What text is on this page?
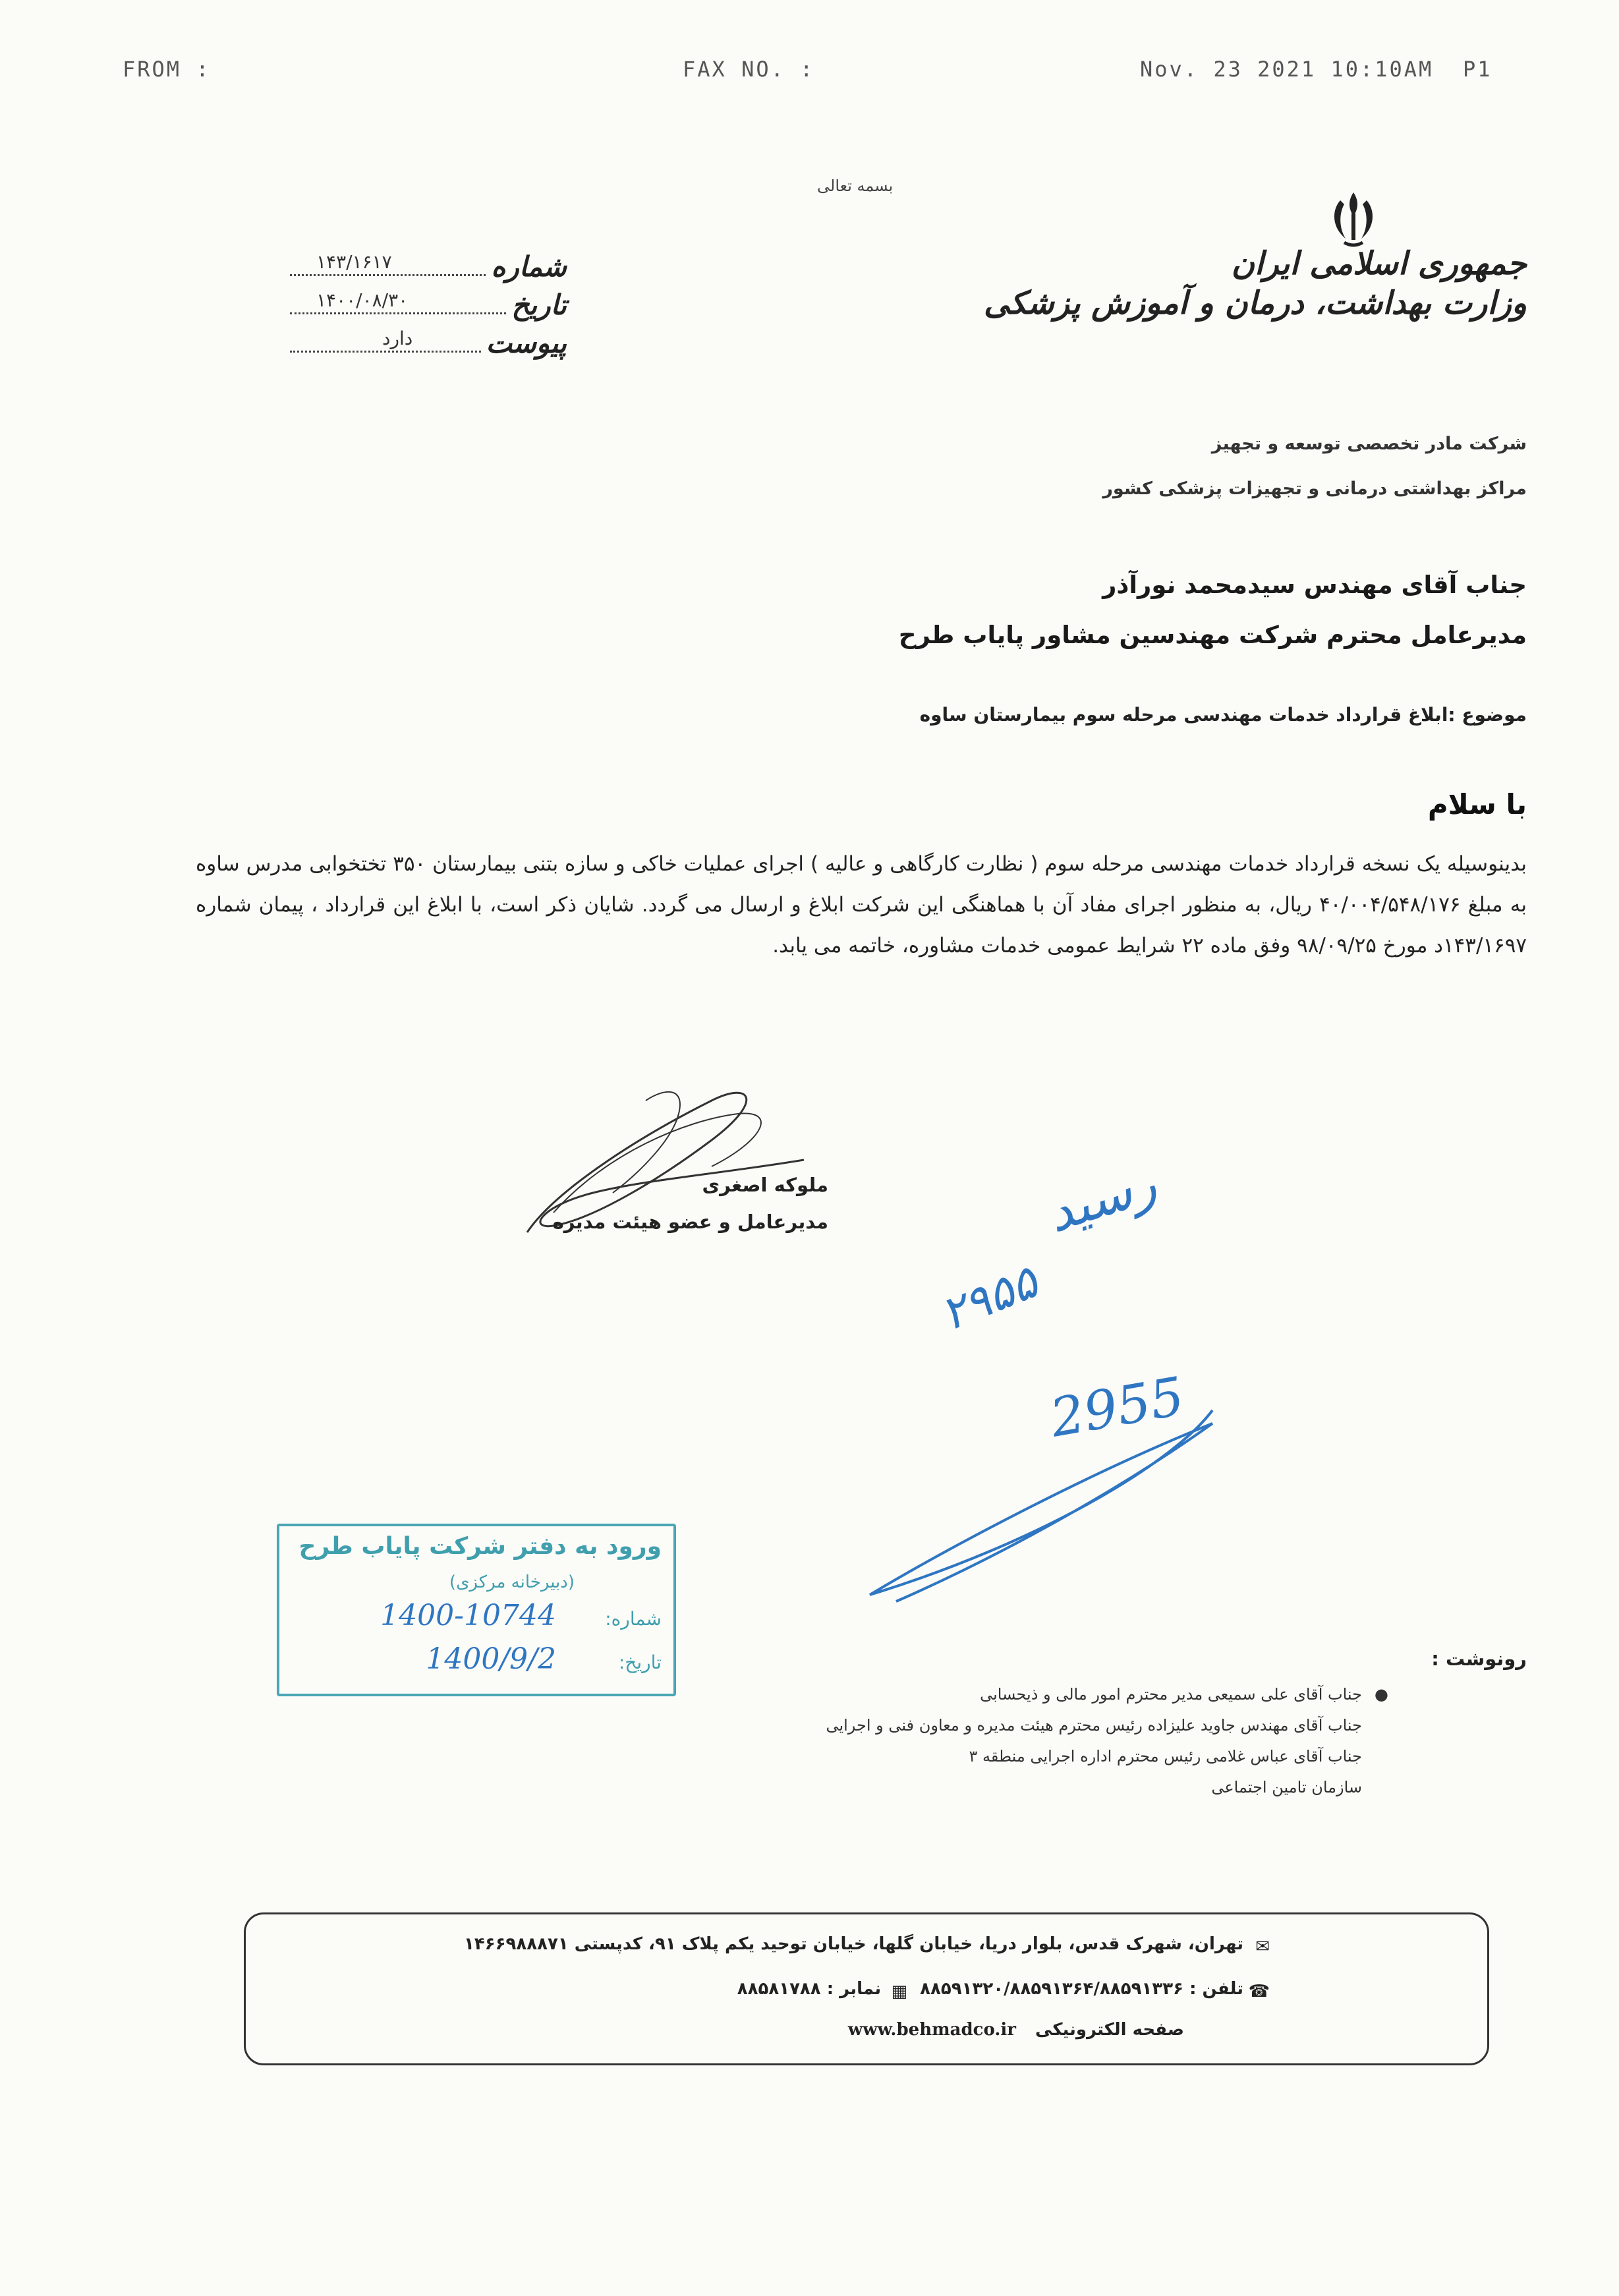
FROM :	FAX NO. :	Nov. 23 2021 10:10AM P1
بسمه تعالی
جمهوری اسلامی ایران
وزارت بهداشت، درمان و آموزش پزشکی
شرکت مادر تخصصی توسعه و تجهیز
مراکز بهداشتی درمانی و تجهیزات پزشکی کشور
شماره
۱۴۳/۱۶۱۷
تاریخ
۱۴۰۰/۰۸/۳۰
پیوست
دارد
جناب آقای مهندس سیدمحمد نورآذر
مدیرعامل محترم شرکت مهندسین مشاور پایاب طرح
موضوع :ابلاغ قرارداد خدمات مهندسی مرحله سوم بیمارستان ساوه
با سلام
بدینوسیله یک نسخه قرارداد خدمات مهندسی مرحله سوم ( نظارت کارگاهی و عالیه ) اجرای عملیات خاکی و سازه بتنی بیمارستان ۳۵۰ تختخوابی مدرس ساوه به مبلغ ۴۰/۰۰۴/۵۴۸/۱۷۶ ریال، به منظور اجرای مفاد آن با هماهنگی این شرکت ابلاغ و ارسال می گردد. شایان ذکر است، با ابلاغ این قرارداد ، پیمان شماره ۱۴۳/۱۶۹۷د مورخ ۹۸/۰۹/۲۵ وفق ماده ۲۲ شرایط عمومی خدمات مشاوره، خاتمه می یابد.
ملوکه اصغری
مدیرعامل و عضو هیئت مدیره	رسید
۲۹۵۵
2955
ورود به دفتر شرکت پایاب طرح
(دبیرخانه مرکزی)
شماره:
1400-10744
تاریخ:
1400/9/2	رونوشت :
●
جناب آقای علی سمیعی مدیر محترم امور مالی و ذیحسابی
جناب آقای مهندس جاوید علیزاده رئیس محترم هیئت مدیره و معاون فنی و اجرایی
جناب آقای عباس غلامی رئیس محترم اداره اجرایی منطقه ۳
سازمان تامین اجتماعی
✉تهران، شهرک قدس، بلوار دریا، خیابان گلها، خیابان توحید یکم پلاک ۹۱، کدپستی ۱۴۶۶۹۸۸۸۷۱
☎تلفن : ۸۸۵۹۱۳۲۰/۸۸۵۹۱۳۶۴/۸۸۵۹۱۳۳۶ ▦نمابر : ۸۸۵۸۱۷۸۸
صفحه الکترونیکی www.behmadco.ir
